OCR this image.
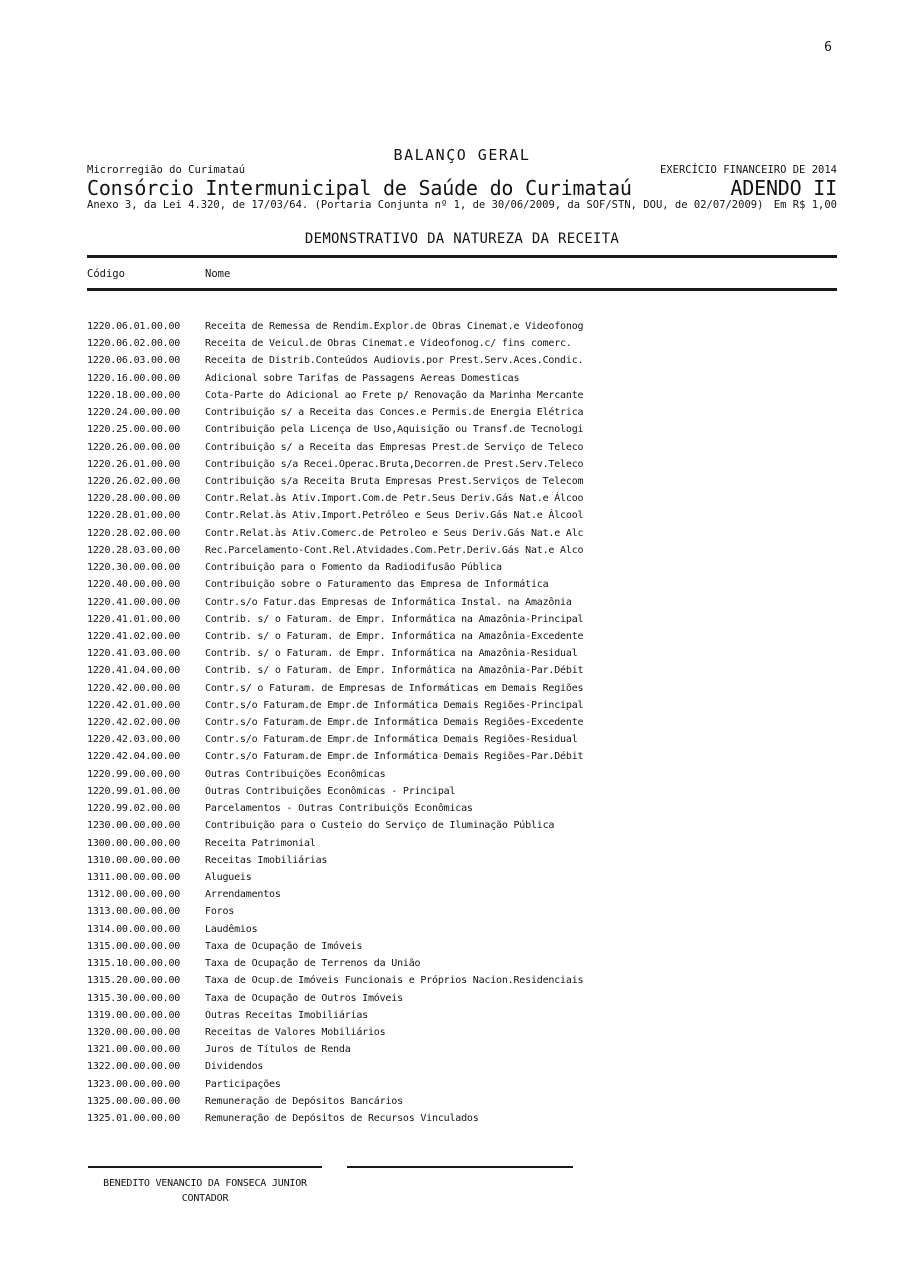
6
BALANÇO GERAL
Microrregião do Curimataú	EXERCÍCIO FINANCEIRO DE 2014
Consórcio Intermunicipal de Saúde do Curimataú	ADENDO II
Anexo 3, da Lei 4.320, de 17/03/64. (Portaria Conjunta nº 1, de 30/06/2009, da SOF/STN, DOU, de 02/07/2009) Em R$ 1,00
DEMONSTRATIVO DA NATUREZA DA RECEITA
Código	Nome
1220.06.01.00.00	Receita de Remessa de Rendim.Explor.de Obras Cinemat.e Videofonog
1220.06.02.00.00	Receita de Veicul.de Obras Cinemat.e Videofonog.c/ fins comerc.
1220.06.03.00.00	Receita de Distrib.Conteúdos Audiovis.por Prest.Serv.Aces.Condic.
1220.16.00.00.00	Adicional sobre Tarifas de Passagens Aereas Domesticas
1220.18.00.00.00	Cota-Parte do Adicional ao Frete p/ Renovação da Marinha Mercante
1220.24.00.00.00	Contribuição s/ a Receita das Conces.e Permis.de Energia Elétrica
1220.25.00.00.00	Contribuição pela Licença de Uso,Aquisição ou Transf.de Tecnologi
1220.26.00.00.00	Contribuição s/ a Receita das Empresas Prest.de Serviço de Teleco
1220.26.01.00.00	Contribuição s/a Recei.Operac.Bruta,Decorren.de Prest.Serv.Teleco
1220.26.02.00.00	Contribuição s/a Receita Bruta Empresas Prest.Serviços de Telecom
1220.28.00.00.00	Contr.Relat.às Ativ.Import.Com.de Petr.Seus Deriv.Gás Nat.e Álcoo
1220.28.01.00.00	Contr.Relat.às Ativ.Import.Petróleo e Seus Deriv.Gás Nat.e Álcool
1220.28.02.00.00	Contr.Relat.às Ativ.Comerc.de Petroleo e Seus Deriv.Gás Nat.e Alc
1220.28.03.00.00	Rec.Parcelamento-Cont.Rel.Atvidades.Com.Petr.Deriv.Gás Nat.e Alco
1220.30.00.00.00	Contribuição para o Fomento da Radiodifusão Pública
1220.40.00.00.00	Contribuição sobre o Faturamento das Empresa de Informática
1220.41.00.00.00	Contr.s/o Fatur.das Empresas de Informática Instal. na Amazônia
1220.41.01.00.00	Contrib. s/ o Faturam. de Empr. Informática na Amazônia-Principal
1220.41.02.00.00	Contrib. s/ o Faturam. de Empr. Informática na Amazônia-Excedente
1220.41.03.00.00	Contrib. s/ o Faturam. de Empr. Informática na Amazônia-Residual
1220.41.04.00.00	Contrib. s/ o Faturam. de Empr. Informática na Amazônia-Par.Débit
1220.42.00.00.00	Contr.s/ o Faturam. de Empresas de Informáticas em Demais Regiões
1220.42.01.00.00	Contr.s/o Faturam.de Empr.de Informática Demais Regiões-Principal
1220.42.02.00.00	Contr.s/o Faturam.de Empr.de Informática Demais Regiões-Excedente
1220.42.03.00.00	Contr.s/o Faturam.de Empr.de Informática Demais Regiões-Residual
1220.42.04.00.00	Contr.s/o Faturam.de Empr.de Informática Demais Regiões-Par.Débit
1220.99.00.00.00	Outras Contribuições Econômicas
1220.99.01.00.00	Outras Contribuições Econômicas - Principal
1220.99.02.00.00	Parcelamentos - Outras Contribuiçõs Econômicas
1230.00.00.00.00	Contribuição para o Custeio do Serviço de Iluminação Pública
1300.00.00.00.00	Receita Patrimonial
1310.00.00.00.00	Receitas Imobiliárias
1311.00.00.00.00	Alugueis
1312.00.00.00.00	Arrendamentos
1313.00.00.00.00	Foros
1314.00.00.00.00	Laudêmios
1315.00.00.00.00	Taxa de Ocupação de Imóveis
1315.10.00.00.00	Taxa de Ocupação de Terrenos da União
1315.20.00.00.00	Taxa de Ocup.de Imóveis Funcionais e Próprios Nacion.Residenciais
1315.30.00.00.00	Taxa de Ocupação de Outros Imóveis
1319.00.00.00.00	Outras Receitas Imobiliárias
1320.00.00.00.00	Receitas de Valores Mobiliários
1321.00.00.00.00	Juros de Títulos de Renda
1322.00.00.00.00	Dividendos
1323.00.00.00.00	Participações
1325.00.00.00.00	Remuneração de Depósitos Bancários
1325.01.00.00.00	Remuneração de Depósitos de Recursos Vinculados
BENEDITO VENANCIO DA FONSECA JUNIOR
CONTADOR
